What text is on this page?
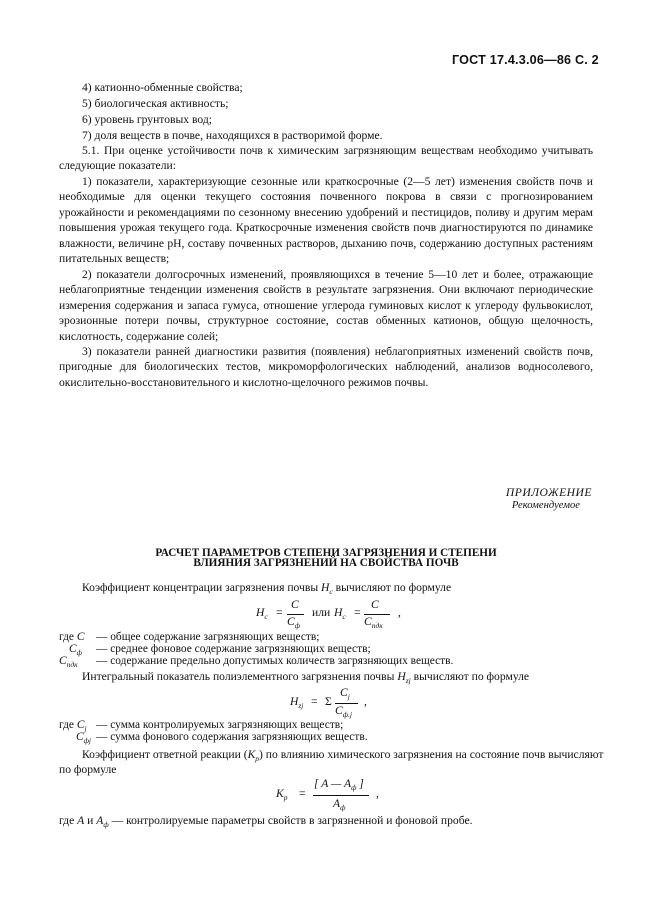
ГОСТ 17.4.3.06—86 С. 2
4) катионно-обменные свойства;
5) биологическая активность;
6) уровень грунтовых вод;
7) доля веществ в почве, находящихся в растворимой форме.

5.1. При оценке устойчивости почв к химическим загрязняющим веществам необходимо учитывать следующие показатели:

1) показатели, характеризующие сезонные или краткосрочные (2—5 лет) изменения свойств почв и необходимые для оценки текущего состояния почвенного покрова в связи с прогнозированием урожайности и рекомендациями по сезонному внесению удобрений и пестицидов, поливу и другим мерам повышения урожая текущего года. Краткосрочные изменения свойств почв диагностируются по динамике влажности, величине pH, составу почвенных растворов, дыханию почв, содержанию доступных растениям питательных веществ;

2) показатели долгосрочных изменений, проявляющихся в течение 5—10 лет и более, отражающие неблагоприятные тенденции изменения свойств в результате загрязнения. Они включают периодические измерения содержания и запаса гумуса, отношение углерода гуминовых кислот к углероду фульвокислот, эрозионные потери почвы, структурное состояние, состав обменных катионов, общую щелочность, кислотность, содержание солей;

3) показатели ранней диагностики развития (появления) неблагоприятных изменений свойств почв, пригодные для биологических тестов, микроморфологических наблюдений, анализов водносолевого, окислительно-восстановительного и кислотно-щелочного режимов почвы.

ПРИЛОЖЕНИЕ
Рекомендуемое
РАСЧЕТ ПАРАМЕТРОВ СТЕПЕНИ ЗАГРЯЗНЕНИЯ И СТЕПЕНИ
ВЛИЯНИЯ ЗАГРЯЗНЕНИЙ НА СВОЙСТВА ПОЧВ
Коэффициент концентрации загрязнения почвы $H_c$ вычисляют по формуле
$H_c$ =
C
$C_ф$
или $H_c$ =
C
$C_{пдк}$
,
где C — общее содержание загрязняющих веществ;
$C_ф$ — среднее фоновое содержание загрязняющих веществ;
$C_{пдк}$ — содержание предельно допустимых количеств загрязняющих веществ.
Интегральный показатель полиэлементного загрязнения почвы $H_{zj}$ вычисляют по формуле
$H_{zj} = \Sigma$
$C_j$
$C_{ф.j}$
,
где $C_j$ — сумма контролируемых загрязняющих веществ;
$C_{фj}$ — сумма фонового содержания загрязняющих веществ.
Коэффициент ответной реакции $(K_р)$ по влиянию химического загрязнения на состояние почв вычисляют
по формуле
$K_р$ =
[ A — $A_ф$ ]
$A_ф$
,
где A и $A_ф$ — контролируемые параметры свойств в загрязненной и фоновой пробе.
